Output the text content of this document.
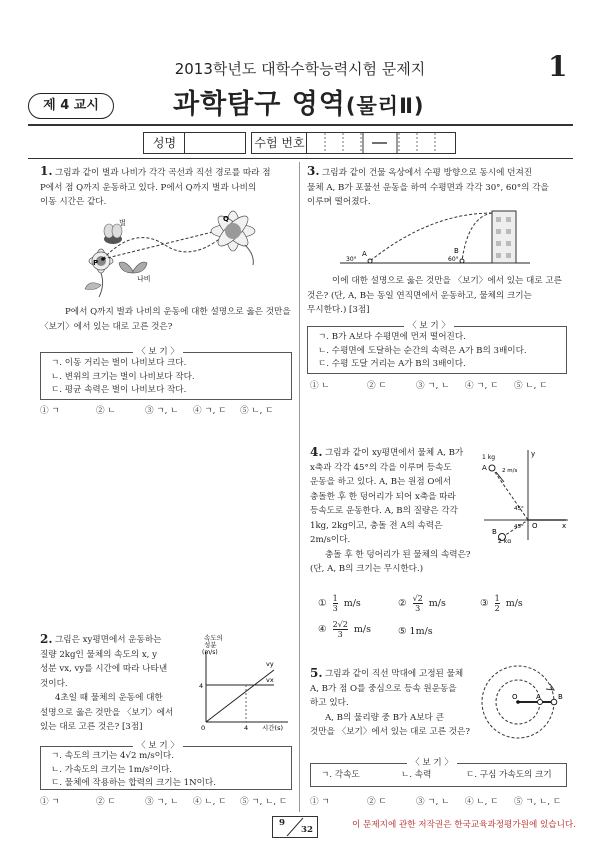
2013학년도 대학수학능력시험 문제지	1
제 4 교시	과학탐구 영역(물리Ⅱ)
성명	수험 번호
1. 그림과 같이 벌과 나비가 각각 곡선과 직선 경로를 따라 점
P에서 점 Q까지 운동하고 있다. P에서 Q까지 벌과 나비의
이동 시간은 같다.
벌
나비
P
Q
P에서 Q까지 벌과 나비의 운동에 대한 설명으로 옳은 것만을
〈보기〉에서 있는 대로 고른 것은?
〈 보 기 〉
ㄱ. 이동 거리는 벌이 나비보다 크다.
ㄴ. 변위의 크기는 벌이 나비보다 작다.
ㄷ. 평균 속력은 벌이 나비보다 작다.
① ㄱ	② ㄴ	③ ㄱ, ㄴ ④ ㄱ, ㄷ ⑤ ㄴ, ㄷ
2. 그림은 xy평면에서 운동하는
질량 2kg인 물체의 속도의 x, y
성분 vx, vy를 시간에 따라 나타낸
것이다.
4초일 때 물체의 운동에 대한
설명으로 옳은 것만을 〈보기〉에서
있는 대로 고른 것은? [3점]
속도의
성분
(m/s)
vy
vx
4
0	4 시간(s)
〈 보 기 〉
ㄱ. 속도의 크기는 4√2 m/s이다.
ㄴ. 가속도의 크기는 1m/s²이다.
ㄷ. 물체에 작용하는 합력의 크기는 1N이다.
① ㄱ	② ㄷ	③ ㄱ, ㄴ ④ ㄴ, ㄷ ⑤ ㄱ, ㄴ, ㄷ
3. 그림과 같이 건물 옥상에서 수평 방향으로 동시에 던져진
물체 A, B가 포물선 운동을 하여 수평면과 각각 30°, 60°의 각을
이루며 떨어졌다.
A	B
30°	60°
이에 대한 설명으로 옳은 것만을 〈보기〉에서 있는 대로 고른
것은? (단, A, B는 동일 연직면에서 운동하고, 물체의 크기는
무시한다.) [3점]
〈 보 기 〉
ㄱ. B가 A보다 수평면에 먼저 떨어진다.
ㄴ. 수평면에 도달하는 순간의 속력은 A가 B의 3배이다.
ㄷ. 수평 도달 거리는 A가 B의 3배이다.
① ㄴ	② ㄷ	③ ㄱ, ㄴ ④ ㄱ, ㄷ ⑤ ㄴ, ㄷ
4. 그림과 같이 xy평면에서 물체 A, B가
x축과 각각 45°의 각을 이루며 등속도
운동을 하고 있다. A, B는 원점 O에서
충돌한 후 한 덩어리가 되어 x축을 따라
등속도로 운동한다. A, B의 질량은 각각
1kg, 2kg이고, 충돌 전 A의 속력은
2m/s이다.
충돌 후 한 덩어리가 된 물체의 속력은?
(단, A, B의 크기는 무시한다.)
1 kg
A	2 m/s
45°
45° O	x
y
B
2 kg
① $\frac{1}{3} m/s$	② $\frac{√2}{3} m/s$	③ $\frac{1}{2} m/s$
④ $\frac{2√2}{3} m/s$	⑤ 1m/s
5. 그림과 같이 직선 막대에 고정된 물체
A, B가 점 O를 중심으로 등속 원운동을
하고 있다.
A, B의 물리량 중 B가 A보다 큰
것만을 〈보기〉에서 있는 대로 고른 것은?
O	A B
〈 보 기 〉
ㄱ. 각속도	ㄴ. 속력	ㄷ. 구심 가속도의 크기
① ㄱ	② ㄷ	③ ㄱ, ㄴ ④ ㄴ, ㄷ ⑤ ㄱ, ㄴ, ㄷ
9
32	이 문제지에 관한 저작권은 한국교육과정평가원에 있습니다.
